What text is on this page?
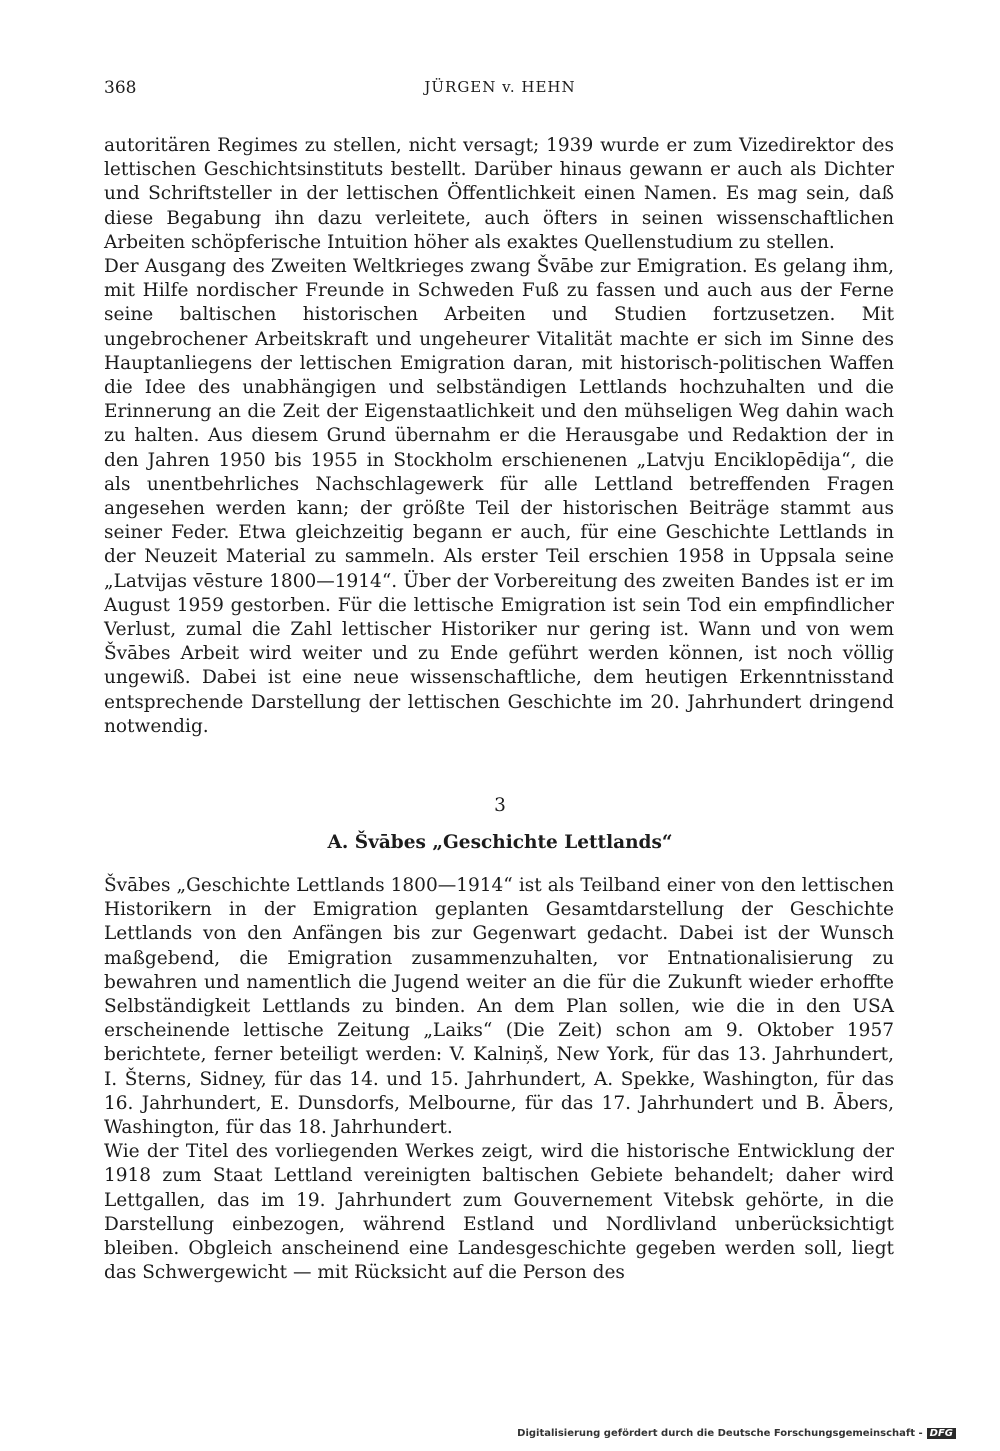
368	JÜRGEN v. HEHN

autoritären Regimes zu stellen, nicht versagt; 1939 wurde er zum Vizedirektor des lettischen Geschichtsinstituts bestellt. Darüber hinaus gewann er auch als Dichter und Schriftsteller in der lettischen Öffentlichkeit einen Namen. Es mag sein, daß diese Begabung ihn dazu verleitete, auch öfters in seinen wissenschaftlichen Arbeiten schöpferische Intuition höher als exaktes Quellenstudium zu stellen.

Der Ausgang des Zweiten Weltkrieges zwang Švābe zur Emigration. Es gelang ihm, mit Hilfe nordischer Freunde in Schweden Fuß zu fassen und auch aus der Ferne seine baltischen historischen Arbeiten und Studien fortzusetzen. Mit ungebrochener Arbeitskraft und ungeheurer Vitalität machte er sich im Sinne des Hauptanliegens der lettischen Emigration daran, mit historisch-politischen Waffen die Idee des unabhängigen und selbständigen Lettlands hochzuhalten und die Erinnerung an die Zeit der Eigenstaatlichkeit und den mühseligen Weg dahin wach zu halten. Aus diesem Grund übernahm er die Herausgabe und Redaktion der in den Jahren 1950 bis 1955 in Stockholm erschienenen „Latvju Enciklopēdija“, die als unentbehrliches Nachschlagewerk für alle Lettland betreffenden Fragen angesehen werden kann; der größte Teil der historischen Beiträge stammt aus seiner Feder. Etwa gleichzeitig begann er auch, für eine Geschichte Lettlands in der Neuzeit Material zu sammeln. Als erster Teil erschien 1958 in Uppsala seine „Latvijas vēsture 1800—1914“. Über der Vorbereitung des zweiten Bandes ist er im August 1959 gestorben. Für die lettische Emigration ist sein Tod ein empfindlicher Verlust, zumal die Zahl lettischer Historiker nur gering ist. Wann und von wem Švābes Arbeit wird weiter und zu Ende geführt werden können, ist noch völlig ungewiß. Dabei ist eine neue wissenschaftliche, dem heutigen Erkenntnisstand entsprechende Darstellung der lettischen Geschichte im 20. Jahrhundert dringend notwendig.

3
A. Švābes „Geschichte Lettlands“

Švābes „Geschichte Lettlands 1800—1914“ ist als Teilband einer von den lettischen Historikern in der Emigration geplanten Gesamtdarstellung der Geschichte Lettlands von den Anfängen bis zur Gegenwart gedacht. Dabei ist der Wunsch maßgebend, die Emigration zusammenzuhalten, vor Entnationalisierung zu bewahren und namentlich die Jugend weiter an die für die Zukunft wieder erhoffte Selbständigkeit Lettlands zu binden. An dem Plan sollen, wie die in den USA erscheinende lettische Zeitung „Laiks“ (Die Zeit) schon am 9. Oktober 1957 berichtete, ferner beteiligt werden: V. Kalniņš, New York, für das 13. Jahrhundert, I. Šterns, Sidney, für das 14. und 15. Jahrhundert, A. Spekke, Washington, für das 16. Jahrhundert, E. Dunsdorfs, Melbourne, für das 17. Jahrhundert und B. Ābers, Washington, für das 18. Jahrhundert.

Wie der Titel des vorliegenden Werkes zeigt, wird die historische Entwicklung der 1918 zum Staat Lettland vereinigten baltischen Gebiete behandelt; daher wird Lettgallen, das im 19. Jahrhundert zum Gouvernement Vitebsk gehörte, in die Darstellung einbezogen, während Estland und Nordlivland unberücksichtigt bleiben. Obgleich anscheinend eine Landesgeschichte gegeben werden soll, liegt das Schwergewicht — mit Rücksicht auf die Person des

Digitalisierung gefördert durch die Deutsche Forschungsgemeinschaft - DFG
